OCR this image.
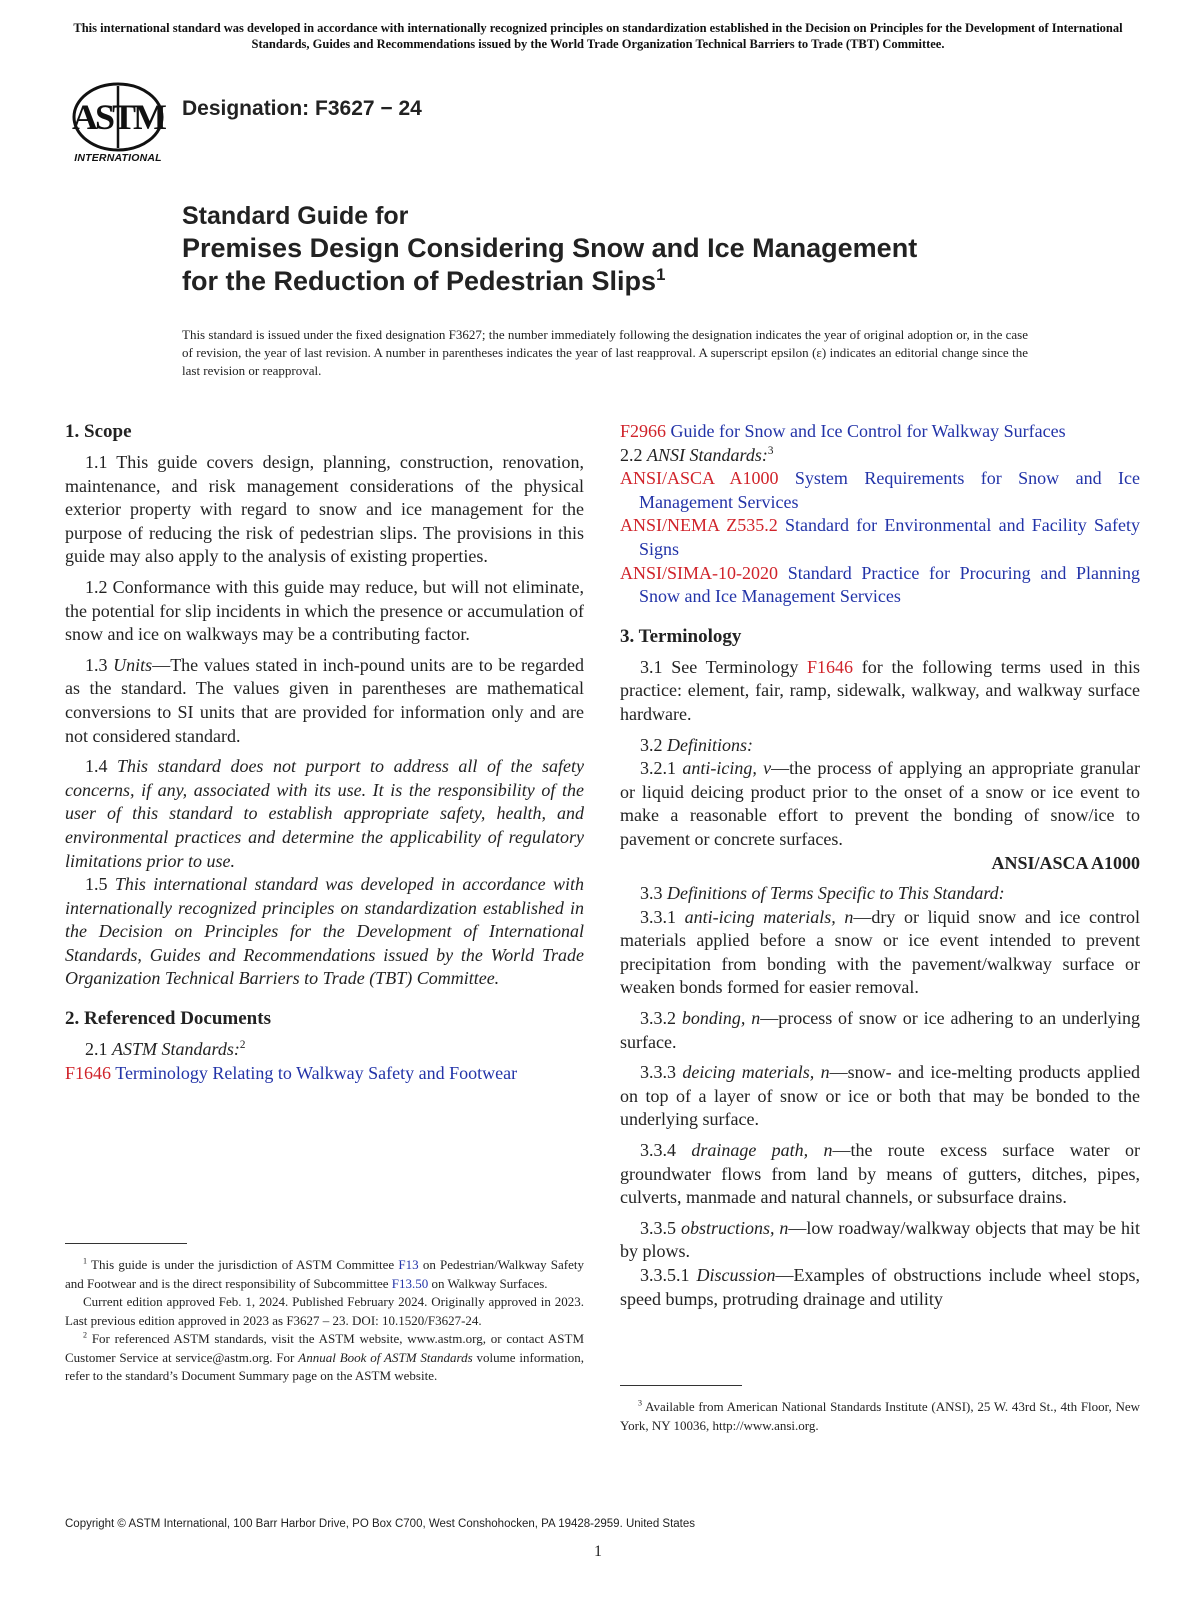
This international standard was developed in accordance with internationally recognized principles on standardization established in the Decision on Principles for the Development of International Standards, Guides and Recommendations issued by the World Trade Organization Technical Barriers to Trade (TBT) Committee.
ASTM
INTERNATIONAL
Designation: F3627 − 24
Standard Guide for
Premises Design Considering Snow and Ice Management
for the Reduction of Pedestrian Slips$^1$
This standard is issued under the fixed designation F3627; the number immediately following the designation indicates the year of original adoption or, in the case of revision, the year of last revision. A number in parentheses indicates the year of last reapproval. A superscript epsilon (ε) indicates an editorial change since the last revision or reapproval.
1. Scope

1.1 This guide covers design, planning, construction, renovation, maintenance, and risk management considerations of the physical exterior property with regard to snow and ice management for the purpose of reducing the risk of pedestrian slips. The provisions in this guide may also apply to the analysis of existing properties.

1.2 Conformance with this guide may reduce, but will not eliminate, the potential for slip incidents in which the presence or accumulation of snow and ice on walkways may be a contributing factor.

1.3 Units—The values stated in inch-pound units are to be regarded as the standard. The values given in parentheses are mathematical conversions to SI units that are provided for information only and are not considered standard.

1.4 This standard does not purport to address all of the safety concerns, if any, associated with its use. It is the responsibility of the user of this standard to establish appropriate safety, health, and environmental practices and determine the applicability of regulatory limitations prior to use.

1.5 This international standard was developed in accordance with internationally recognized principles on standardization established in the Decision on Principles for the Development of International Standards, Guides and Recommendations issued by the World Trade Organization Technical Barriers to Trade (TBT) Committee.

2. Referenced Documents

2.1 ASTM Standards:$^2$

F1646 Terminology Relating to Walkway Safety and Footwear

$^1$ This guide is under the jurisdiction of ASTM Committee F13 on Pedestrian/Walkway Safety and Footwear and is the direct responsibility of Subcommittee F13.50 on Walkway Surfaces.

Current edition approved Feb. 1, 2024. Published February 2024. Originally approved in 2023. Last previous edition approved in 2023 as F3627 – 23. DOI: 10.1520/F3627-24.

$^2$ For referenced ASTM standards, visit the ASTM website, www.astm.org, or contact ASTM Customer Service at service@astm.org. For Annual Book of ASTM Standards volume information, refer to the standard’s Document Summary page on the ASTM website.

F2966 Guide for Snow and Ice Control for Walkway Surfaces

2.2 ANSI Standards:$^3$

ANSI/ASCA A1000 System Requirements for Snow and Ice Management Services

ANSI/NEMA Z535.2 Standard for Environmental and Facility Safety Signs

ANSI/SIMA-10-2020 Standard Practice for Procuring and Planning Snow and Ice Management Services

3. Terminology

3.1 See Terminology F1646 for the following terms used in this practice: element, fair, ramp, sidewalk, walkway, and walkway surface hardware.

3.2 Definitions:

3.2.1 anti-icing, v—the process of applying an appropriate granular or liquid deicing product prior to the onset of a snow or ice event to make a reasonable effort to prevent the bonding of snow/ice to pavement or concrete surfaces.

ANSI/ASCA A1000

3.3 Definitions of Terms Specific to This Standard:

3.3.1 anti-icing materials, n—dry or liquid snow and ice control materials applied before a snow or ice event intended to prevent precipitation from bonding with the pavement/walkway surface or weaken bonds formed for easier removal.

3.3.2 bonding, n—process of snow or ice adhering to an underlying surface.

3.3.3 deicing materials, n—snow- and ice-melting products applied on top of a layer of snow or ice or both that may be bonded to the underlying surface.

3.3.4 drainage path, n—the route excess surface water or groundwater flows from land by means of gutters, ditches, pipes, culverts, manmade and natural channels, or subsurface drains.

3.3.5 obstructions, n—low roadway/walkway objects that may be hit by plows.

3.3.5.1 Discussion—Examples of obstructions include wheel stops, speed bumps, protruding drainage and utility

$^3$ Available from American National Standards Institute (ANSI), 25 W. 43rd St., 4th Floor, New York, NY 10036, http://www.ansi.org.

Copyright © ASTM International, 100 Barr Harbor Drive, PO Box C700, West Conshohocken, PA 19428-2959. United States
1
